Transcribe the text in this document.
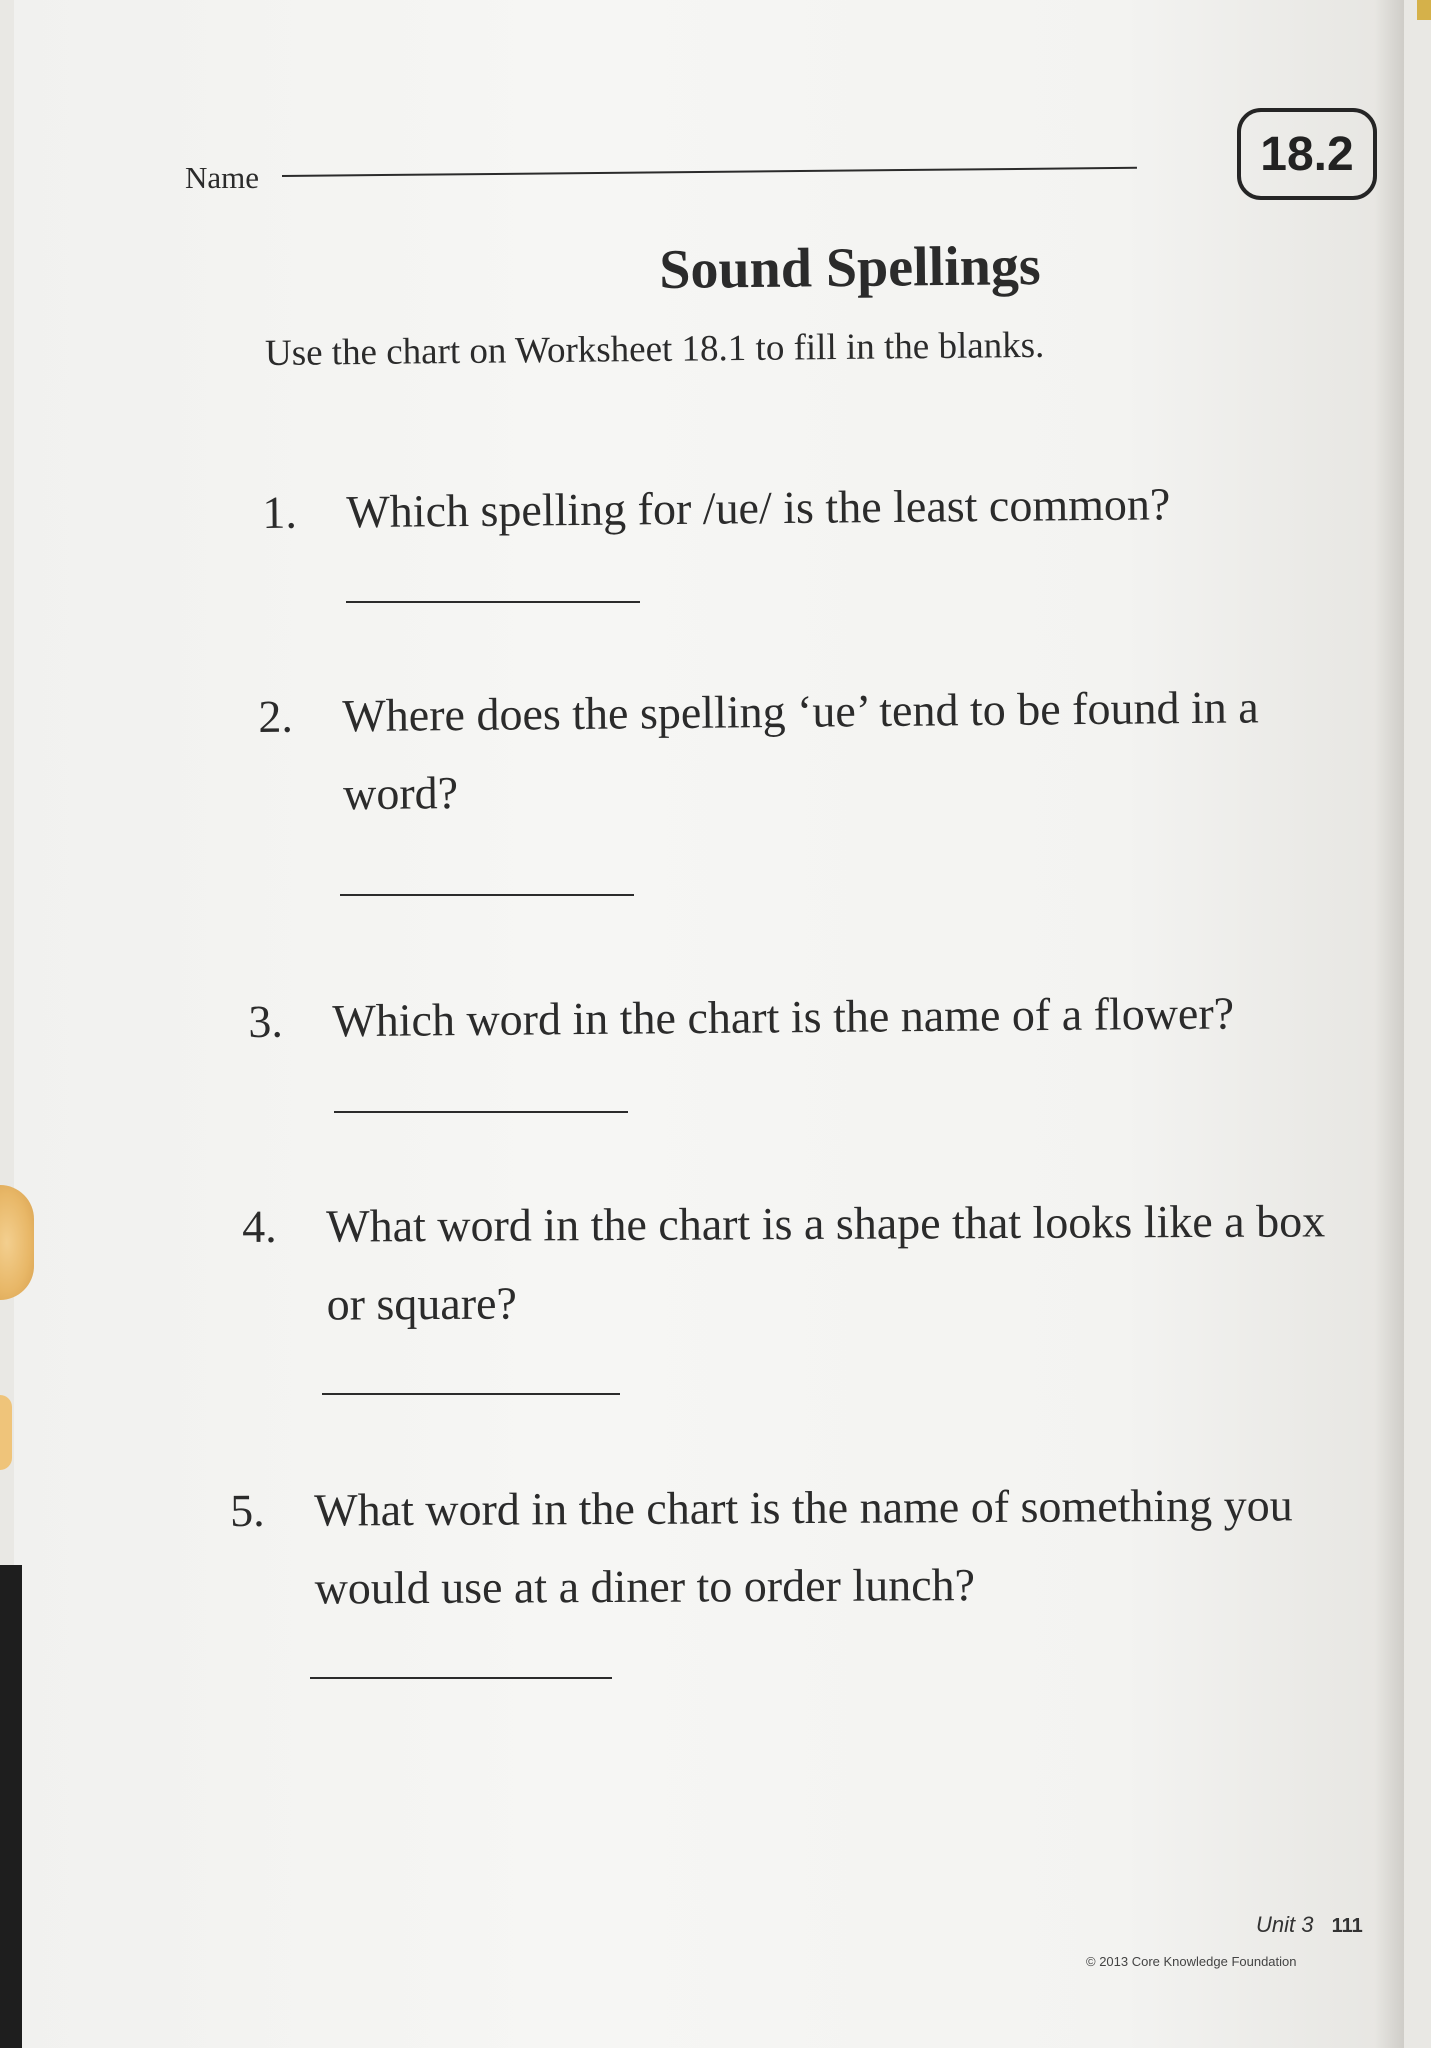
Name	18.2
Sound Spellings
Use the chart on Worksheet 18.1 to fill in the blanks.
1. Which spelling for /ue/ is the least common?
2. Where does the spelling ‘ue’ tend to be found in a word?
3. Which word in the chart is the name of a flower?
4. What word in the chart is a shape that looks like a box or square?
5. What word in the chart is the name of something you would use at a diner to order lunch?
Unit 3 111
© 2013 Core Knowledge Foundation
